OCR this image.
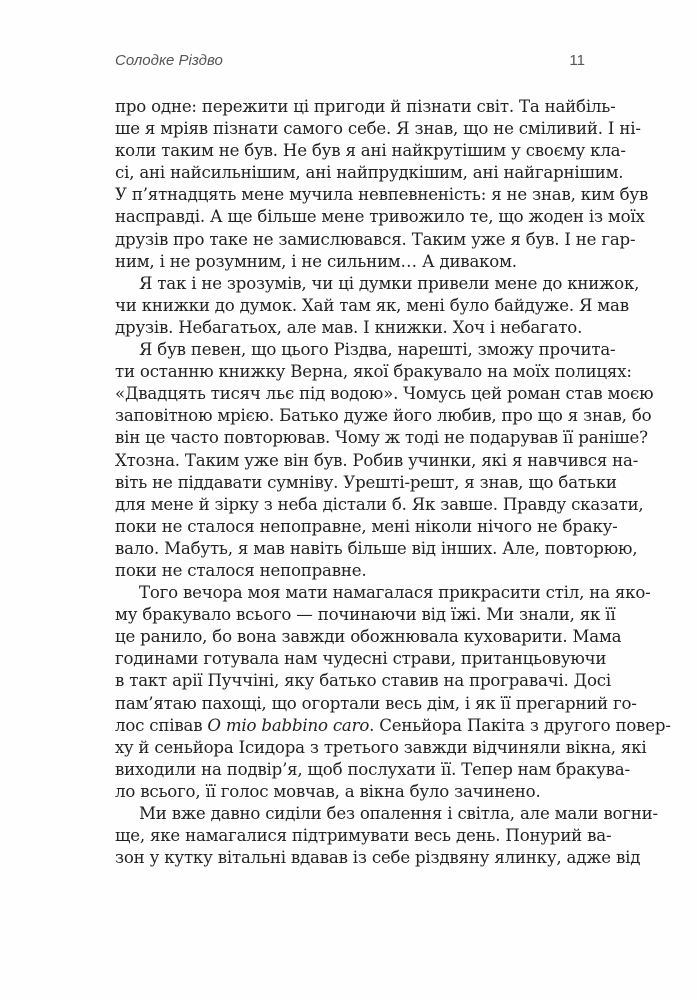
Солодке Різдво	11
про одне: пережити ці пригоди й пізнати світ. Та найбіль-
ше я мріяв пізнати самого себе. Я знав, що не сміливий. І ні-
коли таким не був. Не був я ані найкрутішим у своєму кла-
сі, ані найсильнішим, ані найпрудкішим, ані найгарнішим.
У п’ятнадцять мене мучила невпевненість: я не знав, ким був
насправді. А ще більше мене тривожило те, що жоден із моїх
друзів про таке не замислювався. Таким уже я був. І не гар-
ним, і не розумним, і не сильним… А диваком.
Я так і не зрозумів, чи ці думки привели мене до книжок,
чи книжки до думок. Хай там як, мені було байдуже. Я мав
друзів. Небагатьох, але мав. І книжки. Хоч і небагато.
Я був певен, що цього Різдва, нарешті, зможу прочита-
ти останню книжку Верна, якої бракувало на моїх полицях:
«Двадцять тисяч льє під водою». Чомусь цей роман став моєю
заповітною мрією. Батько дуже його любив, про що я знав, бо
він це часто повторював. Чому ж тоді не подарував її раніше?
Хтозна. Таким уже він був. Робив учинки, які я навчився на-
віть не піддавати сумніву. Урешті-решт, я знав, що батьки
для мене й зірку з неба дістали б. Як завше. Правду сказати,
поки не сталося непоправне, мені ніколи нічого не браку-
вало. Мабуть, я мав навіть більше від інших. Але, повторюю,
поки не сталося непоправне.
Того вечора моя мати намагалася прикрасити стіл, на яко-
му бракувало всього — починаючи від їжі. Ми знали, як її
це ранило, бо вона завжди обожнювала куховарити. Мама
годинами готувала нам чудесні страви, пританцьовуючи
в такт арії Пуччіні, яку батько ставив на програвачі. Досі
пам’ятаю пахощі, що огортали весь дім, і як її прегарний го-
лос співав O mio babbino caro. Сеньйора Пакіта з другого повер-
хy й сеньйора Ісидора з третього завжди відчиняли вікна, які
виходили на подвір’я, щоб послухати її. Тепер нам бракува-
ло всього, її голос мовчав, а вікна було зачинено.
Ми вже давно сиділи без опалення і світла, але мали вогни-
ще, яке намагалися підтримувати весь день. Понурий ва-
зон у кутку вітальні вдавав із себе різдвяну ялинку, адже від
